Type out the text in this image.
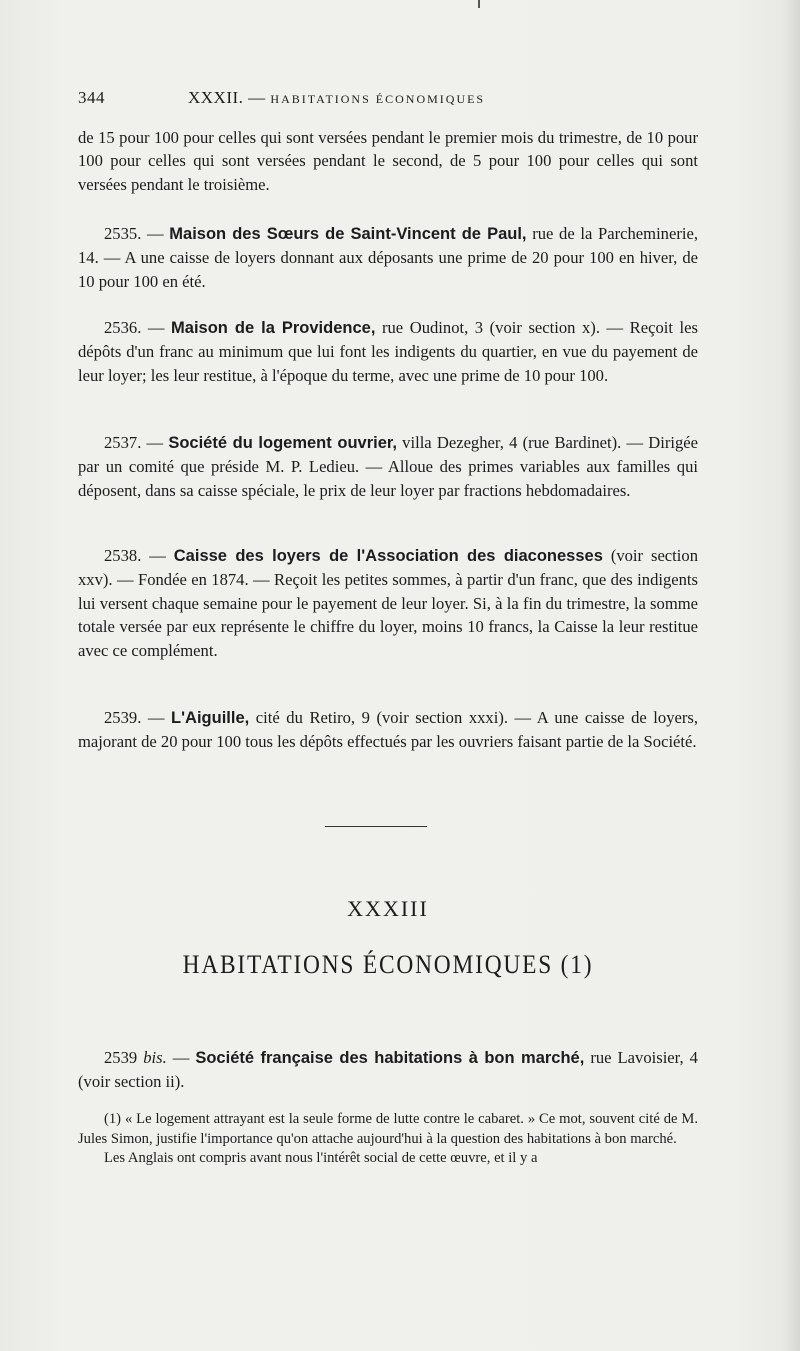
344	XXXII. — HABITATIONS ÉCONOMIQUES

de 15 pour 100 pour celles qui sont versées pendant le premier mois du trimestre, de 10 pour 100 pour celles qui sont versées pendant le second, de 5 pour 100 pour celles qui sont versées pendant le troisième.

2535. — Maison des Sœurs de Saint-Vincent de Paul, rue de la Parcheminerie, 14. — A une caisse de loyers donnant aux déposants une prime de 20 pour 100 en hiver, de 10 pour 100 en été.

2536. — Maison de la Providence, rue Oudinot, 3 (voir section x). — Reçoit les dépôts d'un franc au minimum que lui font les indigents du quartier, en vue du payement de leur loyer; les leur restitue, à l'époque du terme, avec une prime de 10 pour 100.

2537. — Société du logement ouvrier, villa Dezegher, 4 (rue Bardinet). — Dirigée par un comité que préside M. P. Ledieu. — Alloue des primes variables aux familles qui déposent, dans sa caisse spéciale, le prix de leur loyer par fractions hebdomadaires.

2538. — Caisse des loyers de l'Association des diaconesses (voir section xxv). — Fondée en 1874. — Reçoit les petites sommes, à partir d'un franc, que des indigents lui versent chaque semaine pour le payement de leur loyer. Si, à la fin du trimestre, la somme totale versée par eux représente le chiffre du loyer, moins 10 francs, la Caisse la leur restitue avec ce complément.

2539. — L'Aiguille, cité du Retiro, 9 (voir section xxxi). — A une caisse de loyers, majorant de 20 pour 100 tous les dépôts effectués par les ouvriers faisant partie de la Société.

XXXIII
HABITATIONS ÉCONOMIQUES (1)

2539 bis. — Société française des habitations à bon marché, rue Lavoisier, 4 (voir section ii).

(1) « Le logement attrayant est la seule forme de lutte contre le cabaret. » Ce mot, souvent cité de M. Jules Simon, justifie l'importance qu'on attache aujourd'hui à la question des habitations à bon marché.

Les Anglais ont compris avant nous l'intérêt social de cette œuvre, et il y a
